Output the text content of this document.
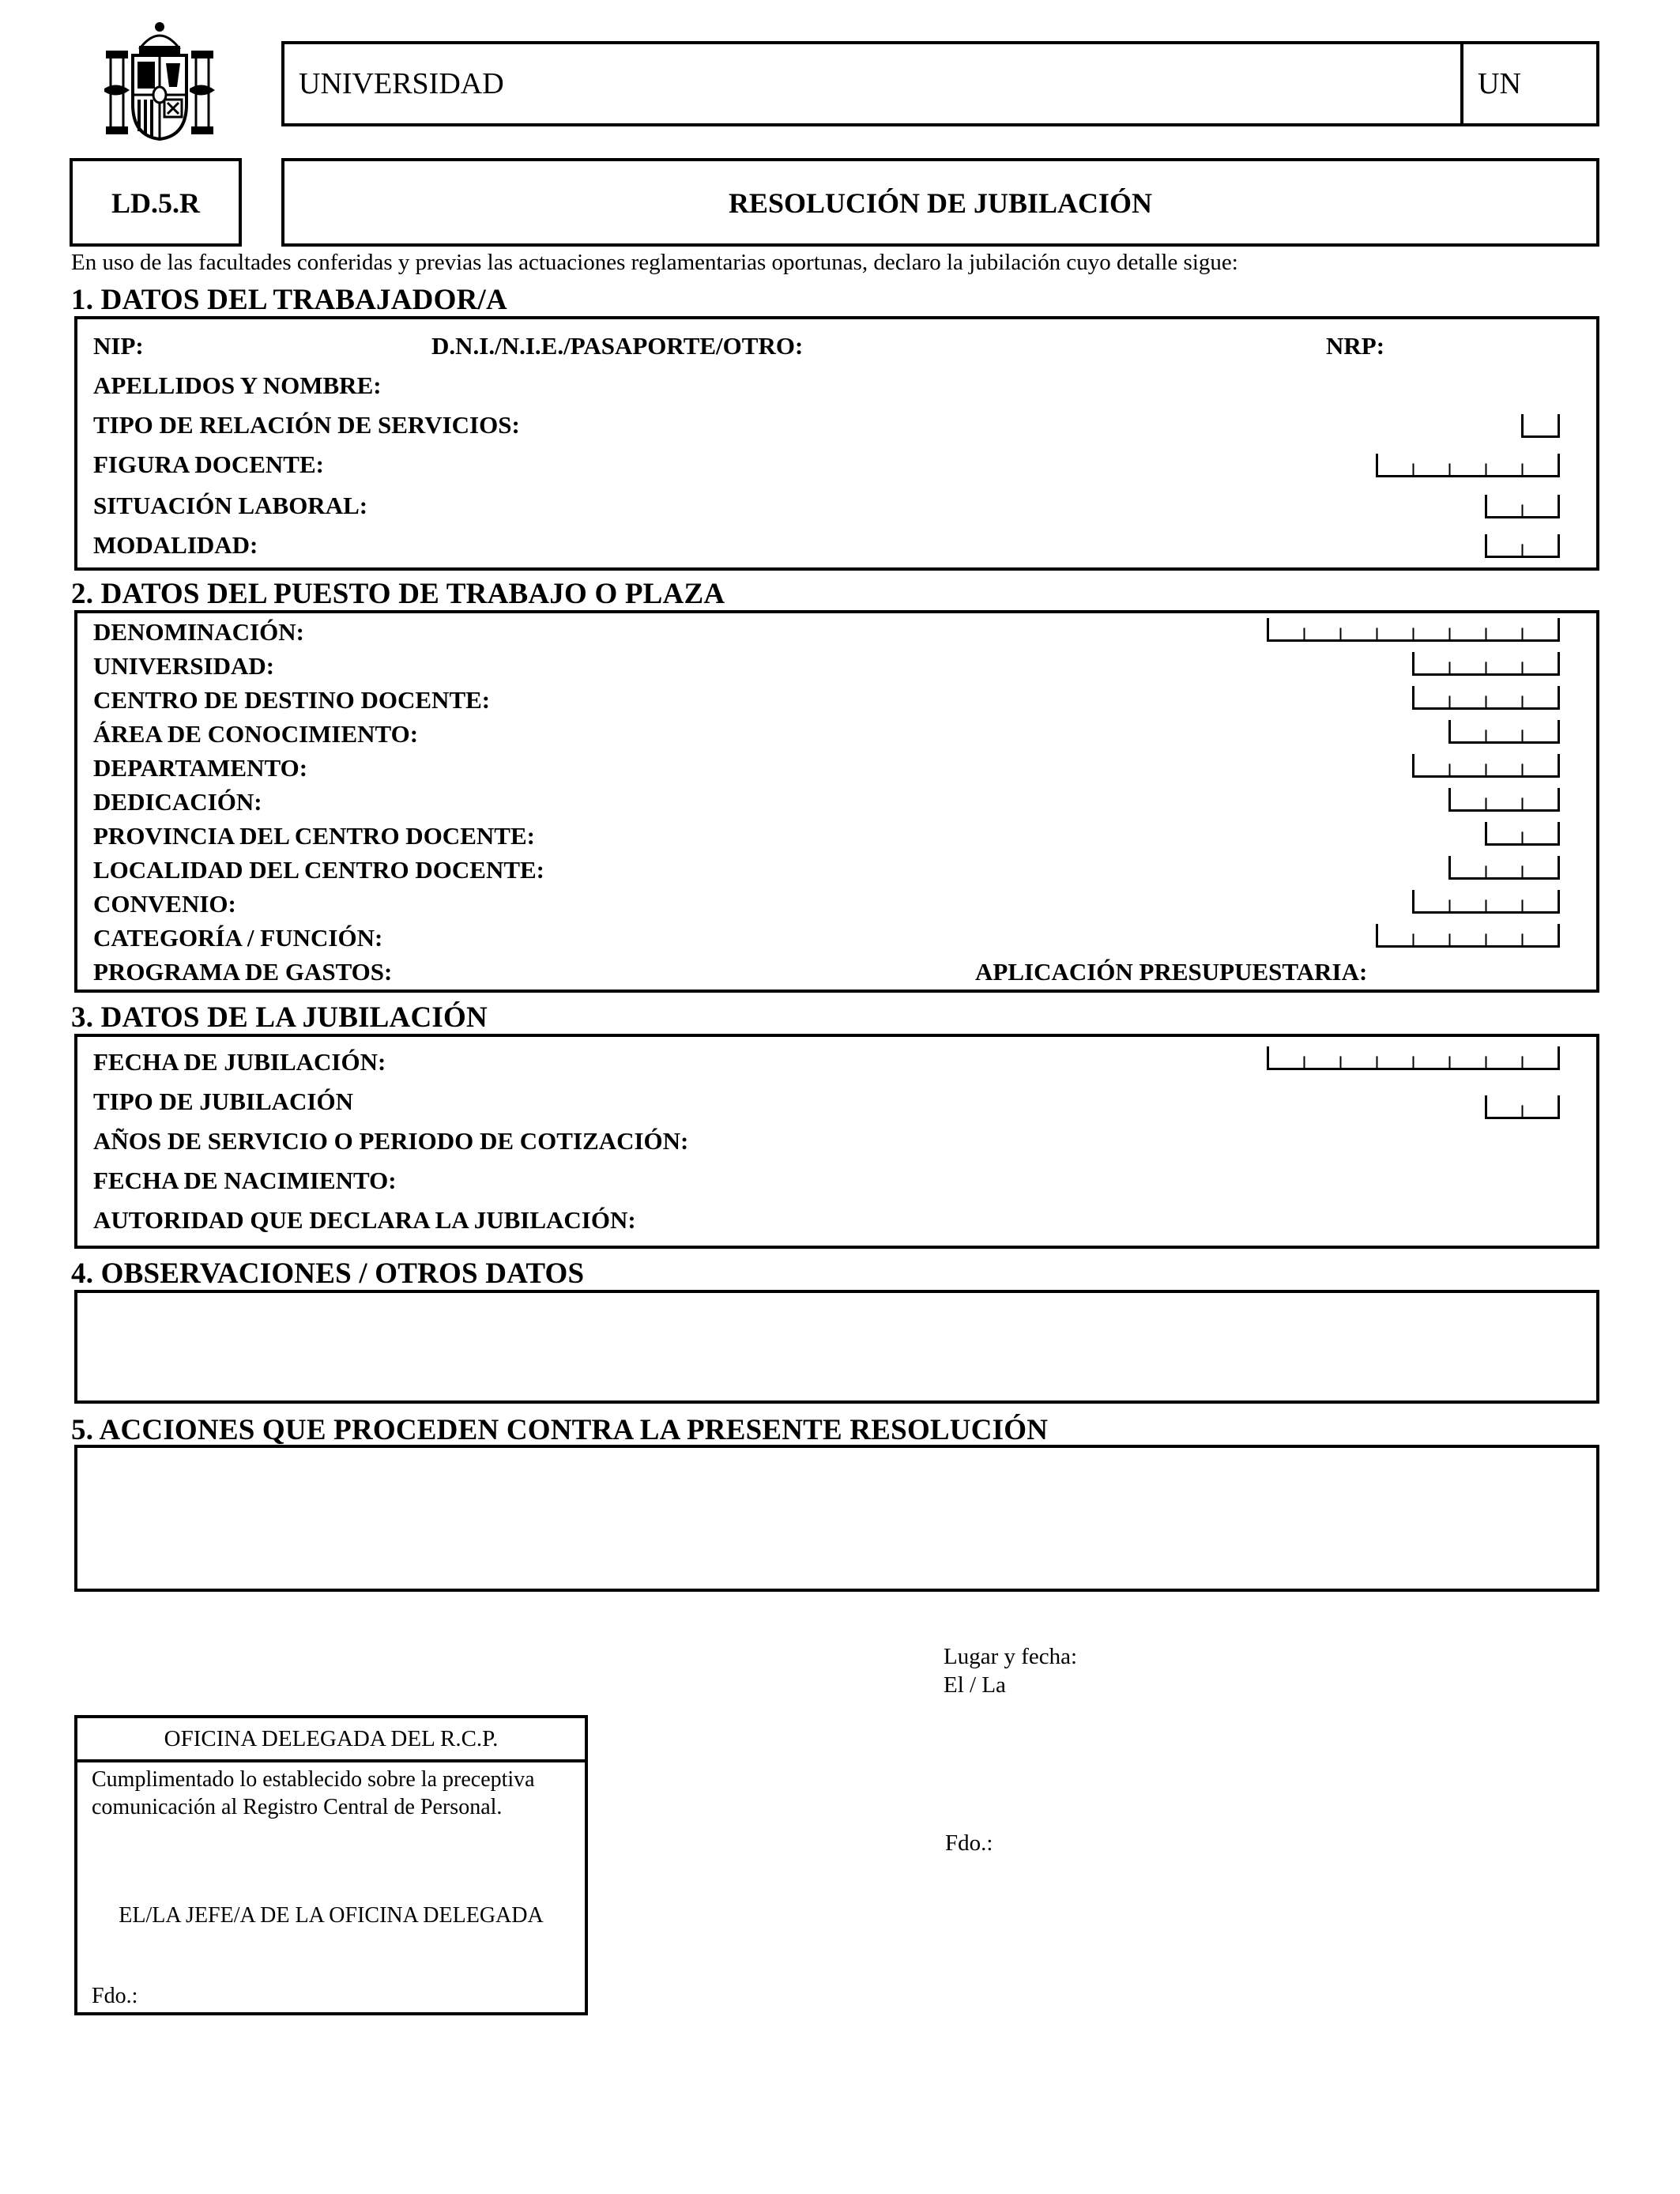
UNIVERSIDAD	UN
LD.5.R	RESOLUCIÓN DE JUBILACIÓN
En uso de las facultades conferidas y previas las actuaciones reglamentarias oportunas, declaro la jubilación cuyo detalle sigue:
1. DATOS DEL TRABAJADOR/A
NIP:	D.N.I./N.I.E./PASAPORTE/OTRO:	NRP:
APELLIDOS Y NOMBRE:
TIPO DE RELACIÓN DE SERVICIOS:
FIGURA DOCENTE:
SITUACIÓN LABORAL:
MODALIDAD:
2. DATOS DEL PUESTO DE TRABAJO O PLAZA
DENOMINACIÓN:
UNIVERSIDAD:
CENTRO DE DESTINO DOCENTE:
ÁREA DE CONOCIMIENTO:
DEPARTAMENTO:
DEDICACIÓN:
PROVINCIA DEL CENTRO DOCENTE:
LOCALIDAD DEL CENTRO DOCENTE:
CONVENIO:
CATEGORÍA / FUNCIÓN:
PROGRAMA DE GASTOS:	APLICACIÓN PRESUPUESTARIA:
3. DATOS DE LA JUBILACIÓN
FECHA DE JUBILACIÓN:
TIPO DE JUBILACIÓN
AÑOS DE SERVICIO O PERIODO DE COTIZACIÓN:
FECHA DE NACIMIENTO:
AUTORIDAD QUE DECLARA LA JUBILACIÓN:
4. OBSERVACIONES / OTROS DATOS
5. ACCIONES QUE PROCEDEN CONTRA LA PRESENTE RESOLUCIÓN
Lugar y fecha:
El / La
Fdo.:
OFICINA DELEGADA DEL R.C.P.
Cumplimentado lo establecido sobre la preceptiva comunicación al Registro Central de Personal.
EL/LA JEFE/A DE LA OFICINA DELEGADA
Fdo.:
